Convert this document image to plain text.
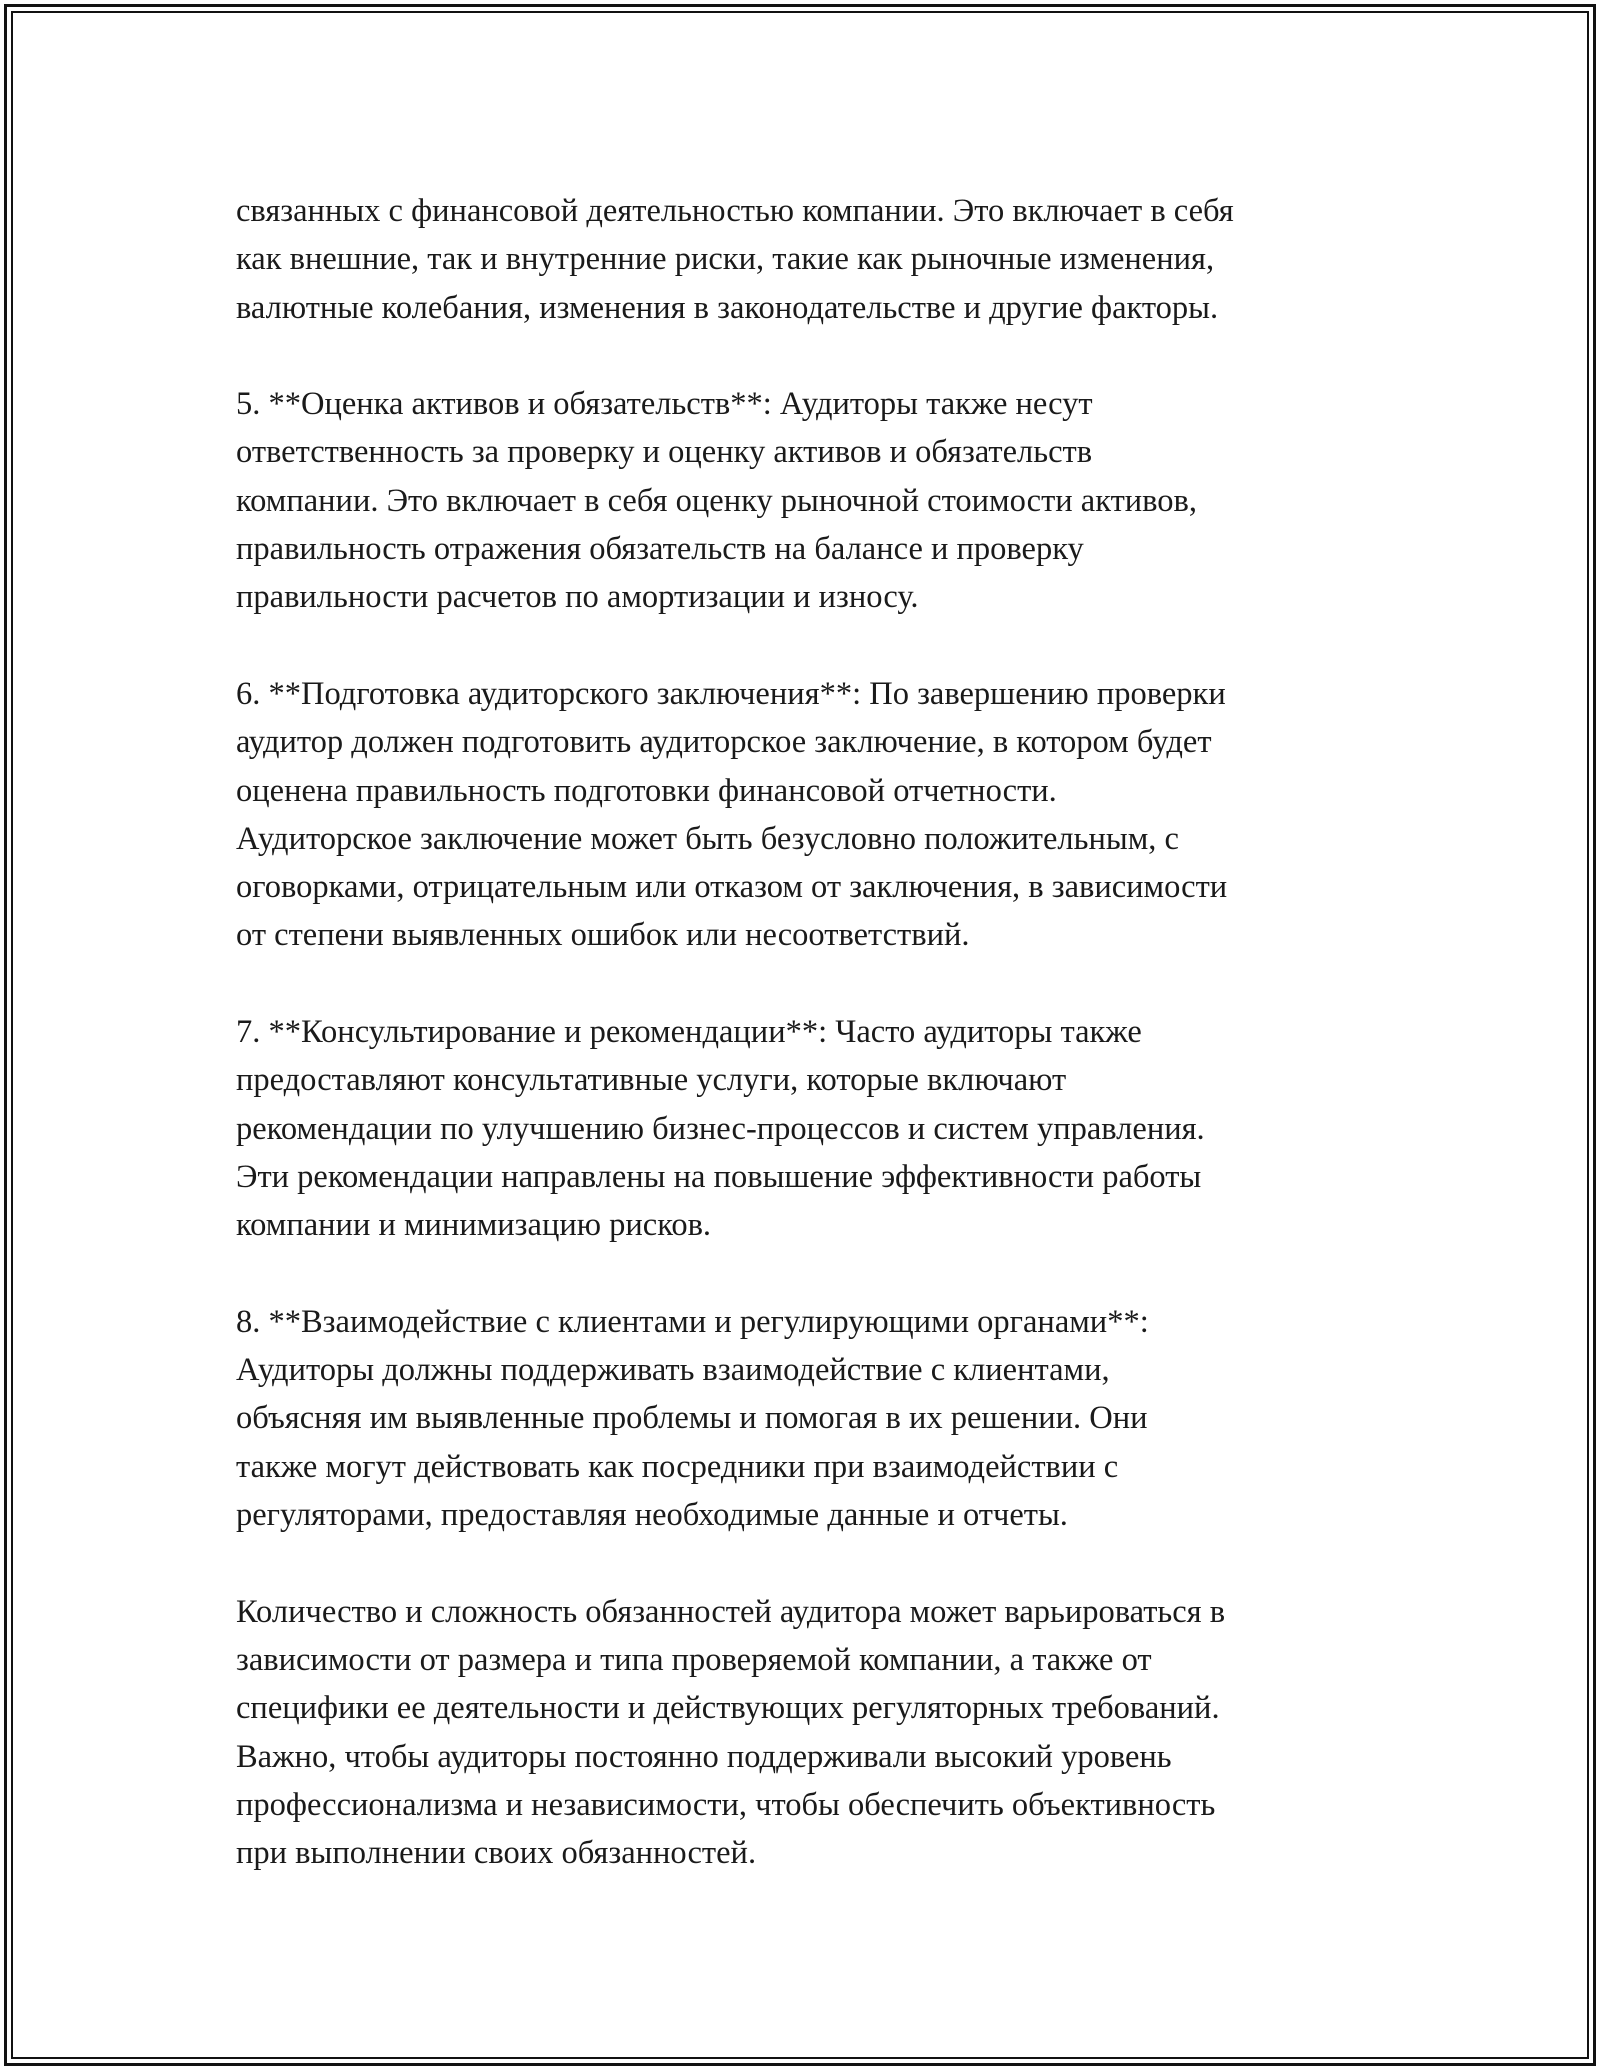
связанных с финансовой деятельностью компании. Это включает в себя
как внешние, так и внутренние риски, такие как рыночные изменения,
валютные колебания, изменения в законодательстве и другие факторы.

5. **Оценка активов и обязательств**: Аудиторы также несут
ответственность за проверку и оценку активов и обязательств
компании. Это включает в себя оценку рыночной стоимости активов,
правильность отражения обязательств на балансе и проверку
правильности расчетов по амортизации и износу.

6. **Подготовка аудиторского заключения**: По завершению проверки
аудитор должен подготовить аудиторское заключение, в котором будет
оценена правильность подготовки финансовой отчетности.
Аудиторское заключение может быть безусловно положительным, с
оговорками, отрицательным или отказом от заключения, в зависимости
от степени выявленных ошибок или несоответствий.

7. **Консультирование и рекомендации**: Часто аудиторы также
предоставляют консультативные услуги, которые включают
рекомендации по улучшению бизнес-процессов и систем управления.
Эти рекомендации направлены на повышение эффективности работы
компании и минимизацию рисков.

8. **Взаимодействие с клиентами и регулирующими органами**:
Аудиторы должны поддерживать взаимодействие с клиентами,
объясняя им выявленные проблемы и помогая в их решении. Они
также могут действовать как посредники при взаимодействии с
регуляторами, предоставляя необходимые данные и отчеты.

Количество и сложность обязанностей аудитора может варьироваться в
зависимости от размера и типа проверяемой компании, а также от
специфики ее деятельности и действующих регуляторных требований.
Важно, чтобы аудиторы постоянно поддерживали высокий уровень
профессионализма и независимости, чтобы обеспечить объективность
при выполнении своих обязанностей.
